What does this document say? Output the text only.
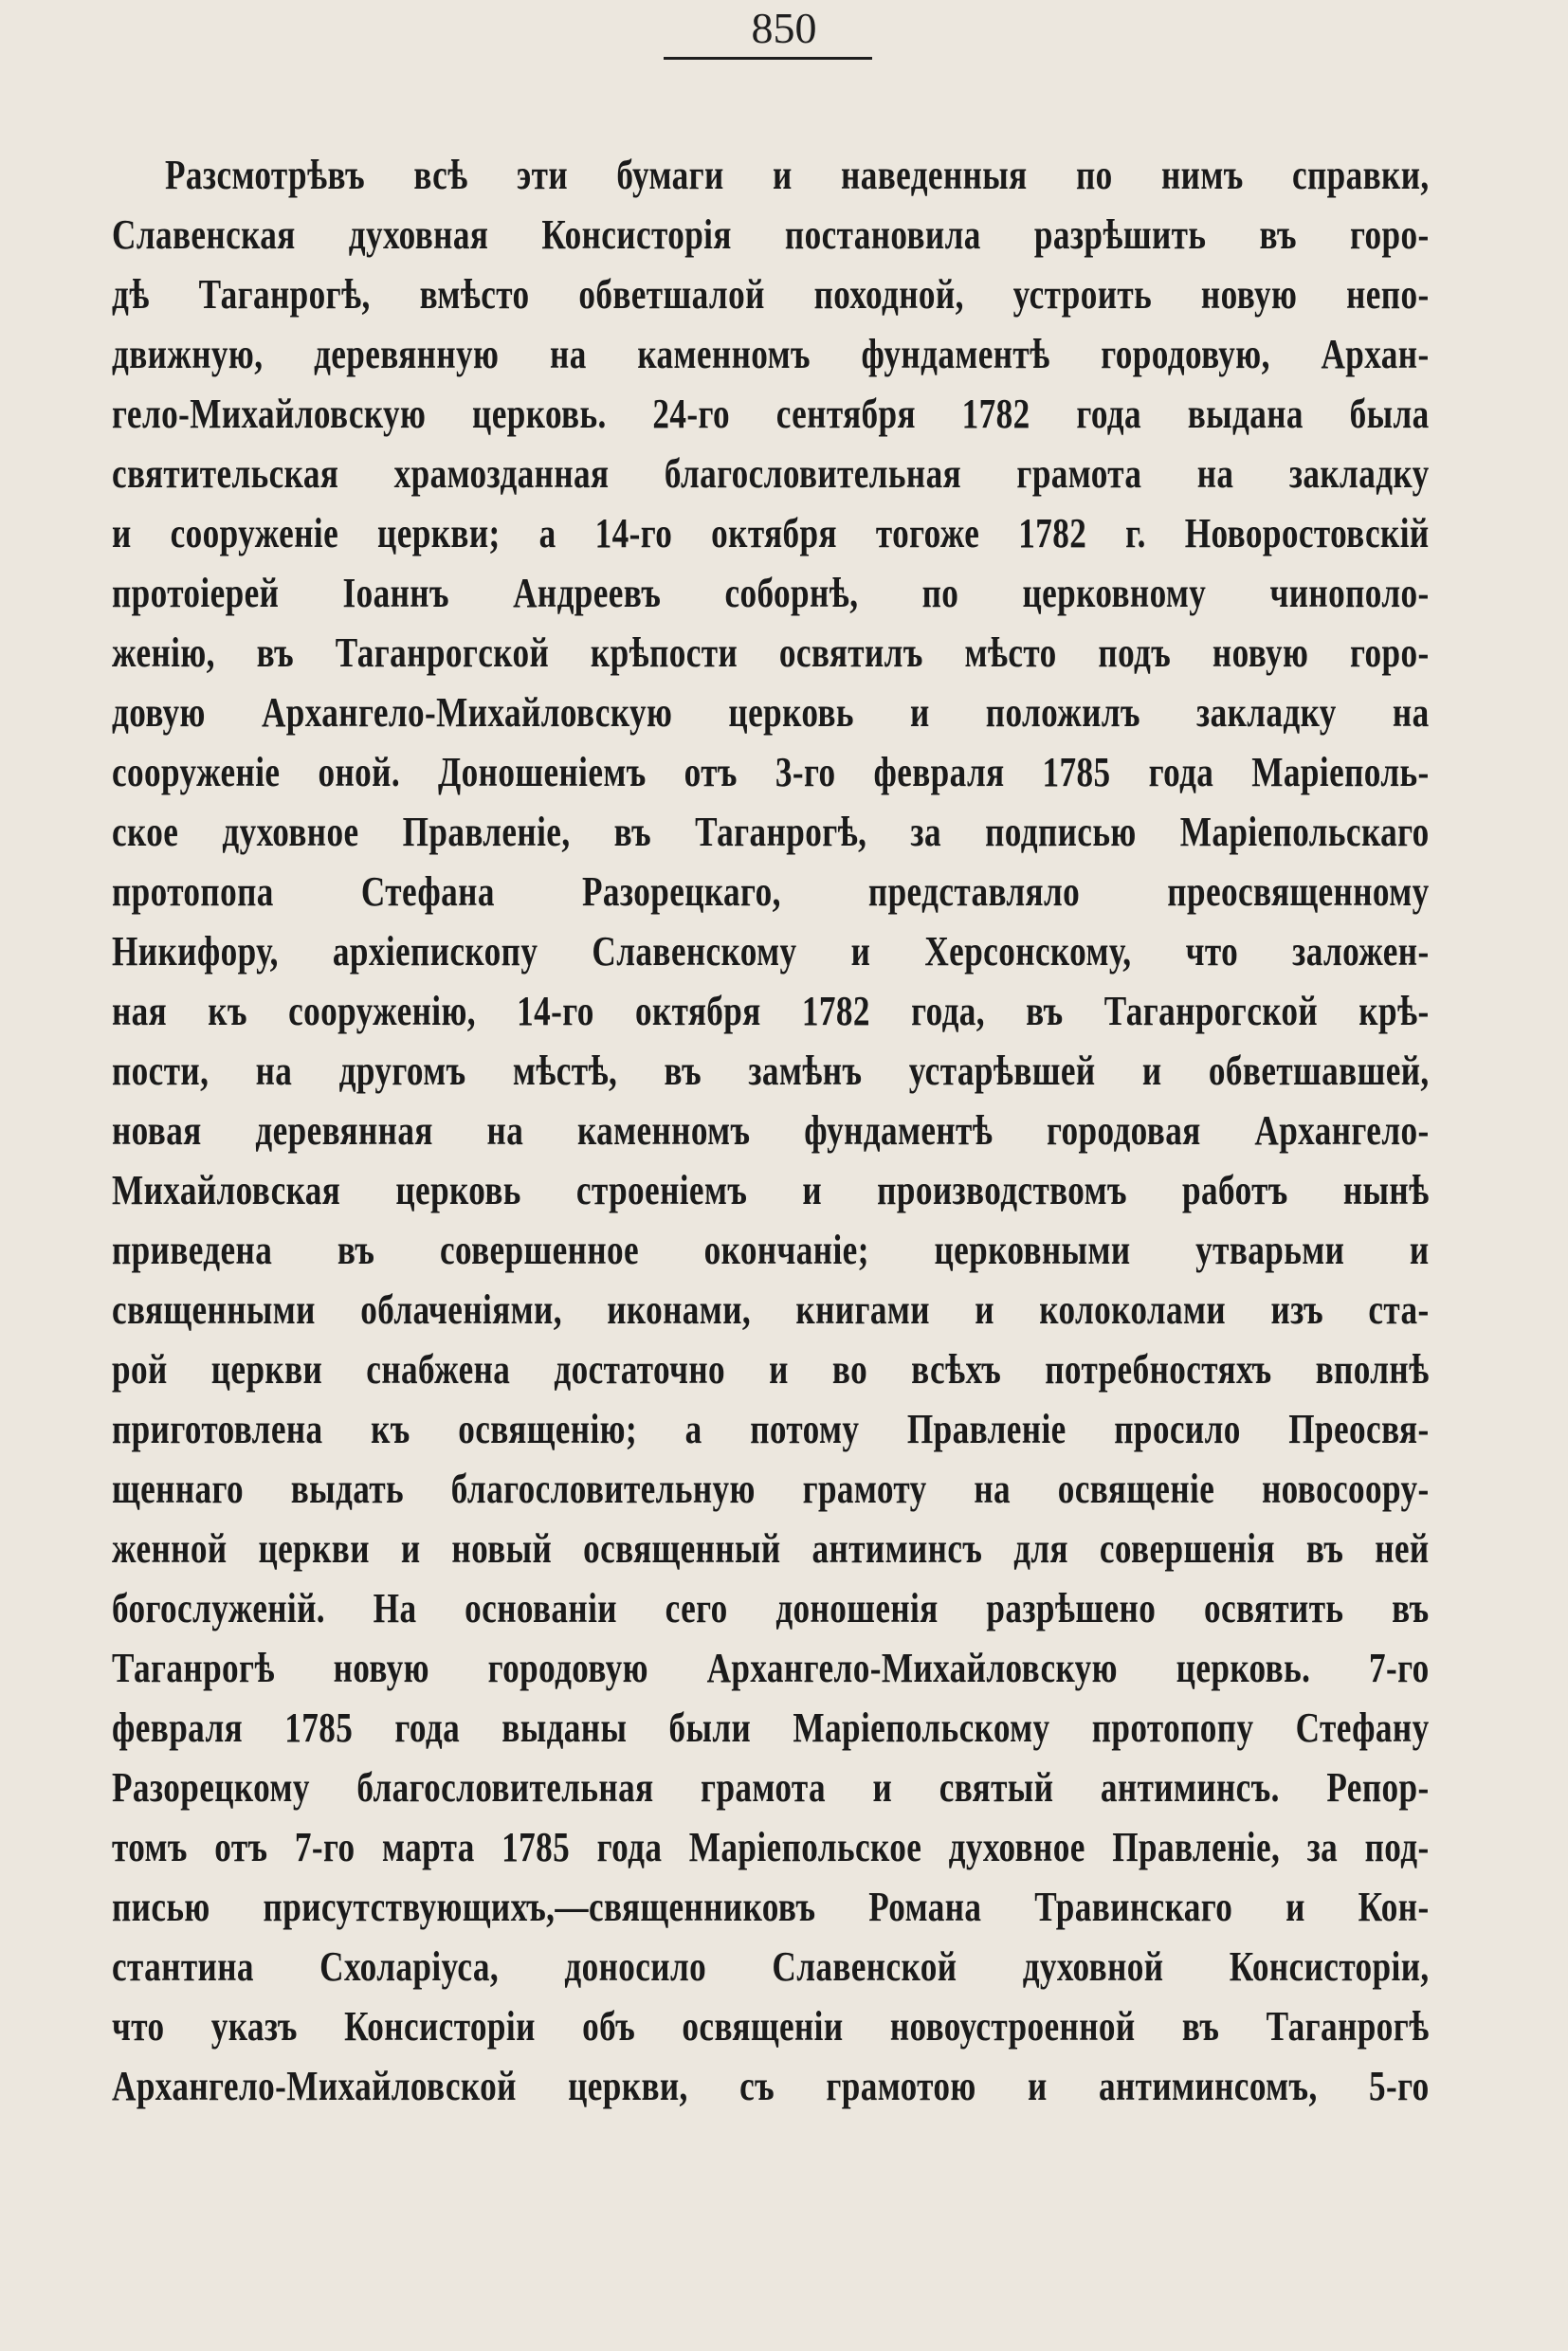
850
Разсмотрѣвъ всѣ эти бумаги и наведенныя по нимъ справки,
Славенская духовная Консисторія постановила разрѣшить въ горо-
дѣ Таганрогѣ, вмѣсто обветшалой походной, устроить новую непо-
движную, деревянную на каменномъ фундаментѣ городовую, Архан-
гело-Михайловскую церковь. 24-го сентября 1782 года выдана была
святительская храмозданная благословительная грамота на закладку
и сооруженіе церкви; а 14-го октября тогоже 1782 г. Новоростовскій
протоіерей Іоаннъ Андреевъ соборнѣ, по церковному чинополо-
женію, въ Таганрогской крѣпости освятилъ мѣсто подъ новую горо-
довую Архангело-Михайловскую церковь и положилъ закладку на
сооруженіе оной. Доношеніемъ отъ 3-го февраля 1785 года Маріеполь-
ское духовное Правленіе, въ Таганрогѣ, за подписью Маріепольскаго
протопопа Стефана Разорецкаго, представляло преосвященному
Никифору, архіепископу Славенскому и Херсонскому, что заложен-
ная къ сооруженію, 14-го октября 1782 года, въ Таганрогской крѣ-
пости, на другомъ мѣстѣ, въ замѣнъ устарѣвшей и обветшавшей,
новая деревянная на каменномъ фундаментѣ городовая Архангело-
Михайловская церковь строеніемъ и производствомъ работъ нынѣ
приведена въ совершенное окончаніе; церковными утварьми и
священными облаченіями, иконами, книгами и колоколами изъ ста-
рой церкви снабжена достаточно и во всѣхъ потребностяхъ вполнѣ
приготовлена къ освященію; а потому Правленіе просило Преосвя-
щеннаго выдать благословительную грамоту на освященіе новосоору-
женной церкви и новый освященный антиминсъ для совершенія въ ней
богослуженій. На основаніи сего доношенія разрѣшено освятить въ
Таганрогѣ новую городовую Архангело-Михайловскую церковь. 7-го
февраля 1785 года выданы были Маріепольскому протопопу Стефану
Разорецкому благословительная грамота и святый антиминсъ. Репор-
томъ отъ 7-го марта 1785 года Маріепольское духовное Правленіе, за под-
писью присутствующихъ,—священниковъ Романа Травинскаго и Кон-
стантина Схоларіуса, доносило Славенской духовной Консисторіи,
что указъ Консисторіи объ освященіи новоустроенной въ Таганрогѣ
Архангело-Михайловской церкви, съ грамотою и антиминсомъ, 5-го
